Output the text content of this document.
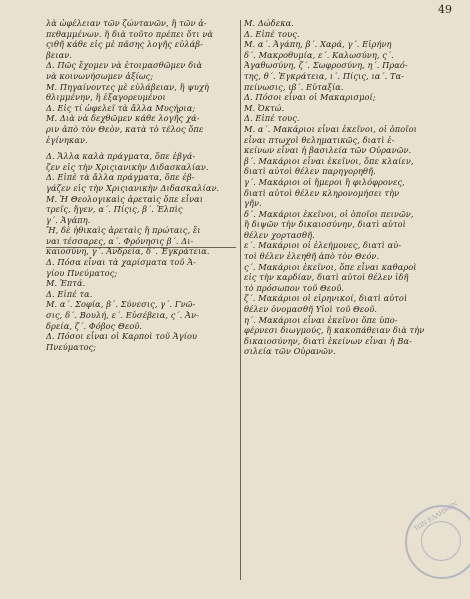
49
λὰ ὠφέλειαν τῶν ζώντανῶν, ἢ τῶν ἀ-
πεθαμμένων. ἢ διὰ τοῦτο πρέπει ὅτι νὰ
ςιθῆ κάθε εἰς μὲ πᾶσης λογῆς εὐλάβ-
βειαν.
Δ. Πῶς ἔχομεν νὰ ἑτοιμασθῶμεν διὰ
νὰ κοινωνήσωμεν ἀξίως;
Μ. Πηγαίνοντες μὲ εὐλάβειαν, ἢ ψυχὴ
θλιμμένην, ἢ ἐξαγορευμένοι
Δ. Εἰς τί ὠφελεῖ τὰ ἄλλα Μυςήρια;
Μ. Διὰ νὰ δεχθῶμεν κάθε λογῆς χά-
ριν ἀπὸ τὸν Θεὸν, κατὰ τὸ τέλος ὅπε
ἐγίνηκαν.
Δ. Ἄλλα καλὰ πράγματα, ὅπε ἐβγά-
ζεν εἰς τὴν Χριςιανικὴν Διδασκαλίαν.
Δ. Εἰπὲ τὰ ἄλλα πράγματα, ὅπε ἐβ-
γάζεν εἰς τὴν Χριςιανικὴν Διδασκαλίαν.
Μ. Ἡ Θεολογικαὶς ἀρεταὶς ὅπε εἶναι
τρεῖς, ἤγεν, α΄. Πίςις, β΄. Ἐλπὶς
γ΄. Ἀγάπη.
Ἤ, δὲ ἠθικαὶς ἀρεταὶς ἢ πρώταις, ἔι
ναι τέσσαρες, α΄. Φρόνησις β΄. Δι-
καιοσύνη, γ΄. Ἀνδρεία, δ΄. Ἐγκράτεια.
Δ. Πόσα εἶναι τὰ χαρίσματα τοῦ Ἁ-
γίου Πνεύματος;
Μ. Ἑπτά.
Δ. Εἰπέ τα.
Μ. α΄. Σοφία, β΄. Σύνεσις, γ΄. Γνῶ-
σις, δ΄. Βουλή, ε΄. Εὐσέβεια, ς΄. Ἀν-
δρεία, ζ΄. Φόβος Θεοῦ.
Δ. Πόσοι εἶναι οἱ Καρποὶ τοῦ Ἁγίου
Πνεύματος;
Μ. Δώδεκα.
Δ. Εἰπέ τους.
Μ. α΄. Ἀγάπη, β΄. Χαρά, γ΄. Εἰρήνη
δ΄. Μακροθυμία, ε΄. Καλωσύνη, ς΄.
Ἀγαθωσύνη, ζ΄. Σωφροσύνη, η΄. Πραό-
της, θ΄. Ἐγκράτεια, ι΄. Πίςις, ια΄. Τα-
πείνωσις, ιβ΄. Εὐταξία.
Δ. Πόσοι εἶναι οἱ Μακαρισμοί;
Μ. Ὀκτώ.
Δ. Εἰπέ τους.
Μ. α΄. Μακάριοι εἶναι ἐκεῖνοι, οἱ ὁποῖοι
εἶναι πτωχοὶ θεληματικῶς, διατὶ ἐ-
κείνων εἶναι ἡ βασιλεία τῶν Οὐρανῶν.
β΄. Μακάριοι εἶναι ἐκεῖνοι, ὅπε κλαίεν,
διατὶ αὐτοὶ θέλεν παρηγορηθῆ.
γ΄. Μακάριοι οἱ ἥμεροι ἢ φιλόφρονες,
διατὶ αὐτοὶ θέλεν κληρονομήσει τὴν
γῆν.
δ΄. Μακάριοι ἐκεῖνοι, οἱ ὁποῖοι πεινῶν,
ἢ διψῶν τὴν δικαιοσύνην, διατὶ αὐτοὶ
θέλεν χορτασθῆ.
ε΄. Μακάριοι οἱ ἐλεήμονες, διατὶ αὐ-
τοὶ θέλεν ἐλεηθῆ ἀπὸ τὸν Θεόν.
ς΄. Μακάριοι ἐκεῖνοι, ὅπε εἶναι καθαροὶ
εἰς τὴν καρδίαν, διατὶ αὐτοὶ θέλεν ἰδῆ
τὸ πρόσωπον τοῦ Θεοῦ.
ζ΄. Μακάριοι οἱ εἰρηνικοί, διατὶ αὐτοὶ
θέλεν ὀνομασθῆ Υἱοὶ τοῦ Θεοῦ.
η΄. Μακάριοι εἶναι ἐκεῖνοι ὅπε ὑπο-
φέρνεσι διωγμούς, ἢ κακοπάθειαν διὰ τὴν
δικαιοσύνην, διατὶ ἐκείνων εἶναι ἡ Βα-
σιλεία τῶν Οὐρανῶν.
ΤΩΝ ΕΛΛΗΝΩΝ
